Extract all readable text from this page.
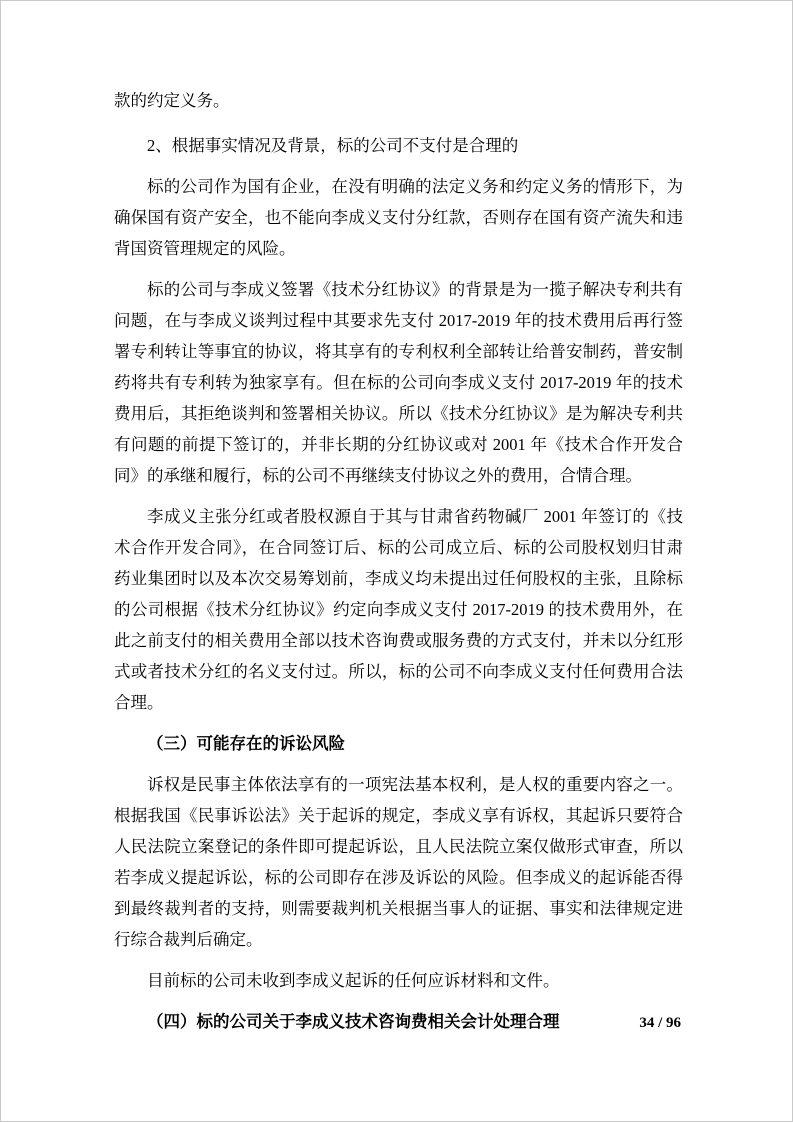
款的约定义务。

2、根据事实情况及背景，标的公司不支付是合理的

标的公司作为国有企业，在没有明确的法定义务和约定义务的情形下，为确保国有资产安全，也不能向李成义支付分红款，否则存在国有资产流失和违背国资管理规定的风险。

标的公司与李成义签署《技术分红协议》的背景是为一揽子解决专利共有问题，在与李成义谈判过程中其要求先支付 2017-2019 年的技术费用后再行签署专利转让等事宜的协议，将其享有的专利权利全部转让给普安制药，普安制药将共有专利转为独家享有。但在标的公司向李成义支付 2017-2019 年的技术费用后，其拒绝谈判和签署相关协议。所以《技术分红协议》是为解决专利共有问题的前提下签订的，并非长期的分红协议或对 2001 年《技术合作开发合同》的承继和履行，标的公司不再继续支付协议之外的费用，合情合理。

李成义主张分红或者股权源自于其与甘肃省药物碱厂 2001 年签订的《技术合作开发合同》，在合同签订后、标的公司成立后、标的公司股权划归甘肃药业集团时以及本次交易筹划前，李成义均未提出过任何股权的主张，且除标的公司根据《技术分红协议》约定向李成义支付 2017-2019 的技术费用外，在此之前支付的相关费用全部以技术咨询费或服务费的方式支付，并未以分红形式或者技术分红的名义支付过。所以，标的公司不向李成义支付任何费用合法合理。

（三）可能存在的诉讼风险

诉权是民事主体依法享有的一项宪法基本权利，是人权的重要内容之一。根据我国《民事诉讼法》关于起诉的规定，李成义享有诉权，其起诉只要符合人民法院立案登记的条件即可提起诉讼，且人民法院立案仅做形式审查，所以若李成义提起诉讼，标的公司即存在涉及诉讼的风险。但李成义的起诉能否得到最终裁判者的支持，则需要裁判机关根据当事人的证据、事实和法律规定进行综合裁判后确定。

目前标的公司未收到李成义起诉的任何应诉材料和文件。

（四）标的公司关于李成义技术咨询费相关会计处理合理	34 / 96
